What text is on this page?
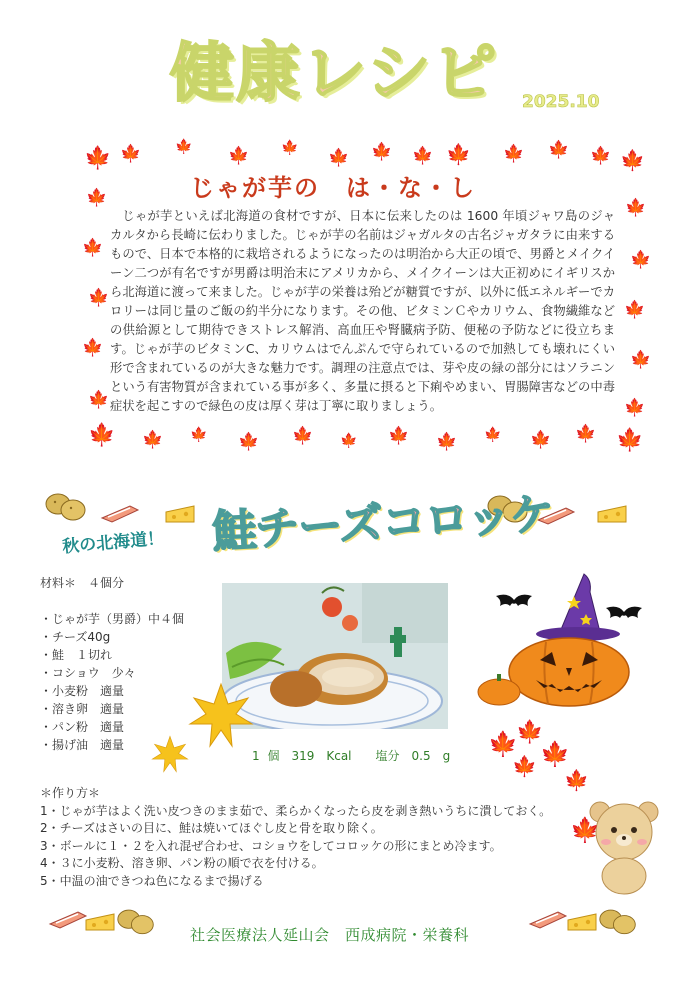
健康レシピ 2025.10
🍁 🍁 🍁 🍁 🍁 🍁 🍁 🍁 🍁 🍁 🍁 🍁 🍁
🍁
🍁
🍁
🍁
🍁
🍁
🍁
🍁
🍁
🍁
🍁 🍁 🍁 🍁 🍁 🍁 🍁 🍁 🍁 🍁 🍁 🍁
じゃが芋の　は・な・し

じゃが芋といえば北海道の食材ですが、日本に伝来したのは 1600 年頃ジャワ島のジャカルタから長崎に伝わりました。じゃが芋の名前はジャガルタの古名ジャガタラに由来するもので、日本で本格的に栽培されるようになったのは明治から大正の頃で、男爵とメイクイーン二つが有名ですが男爵は明治末にアメリカから、メイクイーンは大正初めにイギリスから北海道に渡って来ました。じゃが芋の栄養は殆どが糖質ですが、以外に低エネルギーでカロリーは同じ量のご飯の約半分になります。その他、ビタミンＣやカリウム、食物繊維などの供給源として期待できストレス解消、高血圧や腎臓病予防、便秘の予防などに役立ちます。じゃが芋のビタミンC、カリウムはでんぷんで守られているので加熱しても壊れにくい形で含まれているのが大きな魅力です。調理の注意点では、芽や皮の緑の部分にはソラニンという有害物質が含まれている事が多く、多量に摂ると下痢やめまい、胃腸障害などの中毒症状を起こすので緑色の皮は厚く芽は丁寧に取りましょう。

秋の北海道！ 鮭チーズコロッケ
材料＊　４個分
・じゃが芋（男爵）中４個
・チーズ40g
・鮭　１切れ
・コショウ　少々
・小麦粉　適量
・溶き卵　適量
・パン粉　適量
・揚げ油　適量
1 個　319　Kcal　　塩分　0.5　g
＊作り方＊
1・じゃが芋はよく洗い皮つきのまま茹で、柔らかくなったら皮を剥き熱いうちに潰しておく。
2・チーズはさいの目に、鮭は焼いてほぐし皮と骨を取り除く。
3・ボールに１・２を入れ混ぜ合わせ、コショウをしてコロッケの形にまとめ冷ます。
4・３に小麦粉、溶き卵、パン粉の順で衣を付ける。
5・中温の油できつね色になるまで揚げる
🍁
🍁
🍁
🍁
🍁
🍁
社会医療法人延山会　西成病院・栄養科
